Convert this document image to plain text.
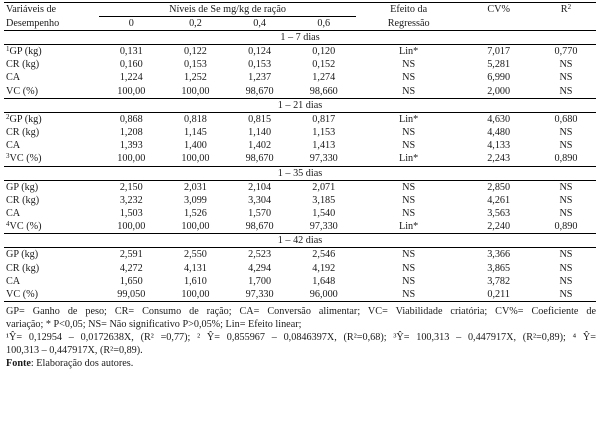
Variáveis de	Níveis de Se mg/kg de ração				Efeito da	CV%	$R^2$
Desempenho	0	0,2	0,4	0,6	Regressão		
1 – 7 dias							
$^1$GP (kg)	0,131	0,122	0,124	0,120	Lin*	7,017	0,770
CR (kg)	0,160	0,153	0,153	0,152	NS	5,281	NS
CA	1,224	1,252	1,237	1,274	NS	6,990	NS
VC (%)	100,00	100,00	98,670	98,660	NS	2,000	NS
1 – 21 dias							
$^2$GP (kg)	0,868	0,818	0,815	0,817	Lin*	4,630	0,680
CR (kg)	1,208	1,145	1,140	1,153	NS	4,480	NS
CA	1,393	1,400	1,402	1,413	NS	4,133	NS
$^3$VC (%)	100,00	100,00	98,670	97,330	Lin*	2,243	0,890
1 – 35 dias							
GP (kg)	2,150	2,031	2,104	2,071	NS	2,850	NS
CR (kg)	3,232	3,099	3,304	3,185	NS	4,261	NS
CA	1,503	1,526	1,570	1,540	NS	3,563	NS
$^4$VC (%)	100,00	100,00	98,670	97,330	Lin*	2,240	0,890
1 – 42 dias							
GP (kg)	2,591	2,550	2,523	2,546	NS	3,366	NS
CR (kg)	4,272	4,131	4,294	4,192	NS	3,865	NS
CA	1,650	1,610	1,700	1,648	NS	3,782	NS
VC (%)	99,050	100,00	97,330	96,000	NS	0,211	NS
GP= Ganho de peso; CR= Consumo de ração; CA= Conversão alimentar; VC= Viabilidade criatória; CV%= Coeficiente de
variação; * P<0,05; NS= Não significativo P>0,05%; Lin= Efeito linear;
¹Ŷ= 0,12954 – 0,0172638X, (R² =0,77); ² Ŷ= 0,855967 – 0,0846397X, (R²=0,68); ³Ŷ= 100,313 – 0,447917X, (R²=0,89); ⁴ Ŷ=
100,313 – 0,447917X, (R²=0,89).
Fonte: Elaboração dos autores.
